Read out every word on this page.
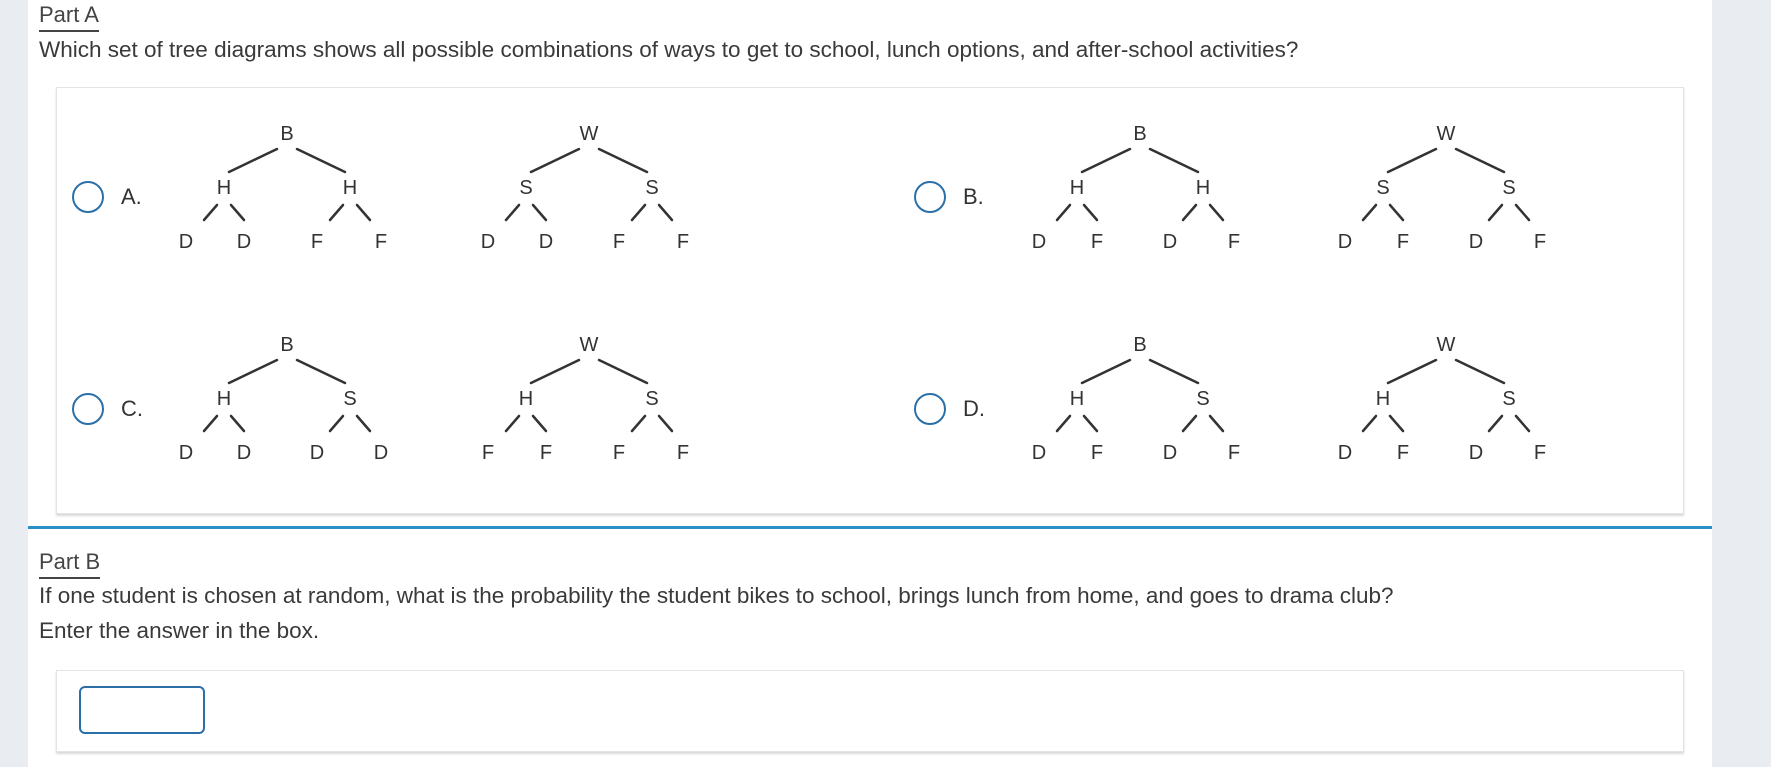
Part A
Which set of tree diagrams shows all possible combinations of ways to get to school, lunch options, and after-school activities?
A.
B
H	H
D D	F	F
W
S	S
D D	F	F
B.
B
H	H
D F	D	F
W
S	S
D F	D	F
C.
B
H	S
D D	D D
W
H	S
F F	F	F
D.
B
H	S
D F	D	F
W
H	S
D F	D	F
Part B
If one student is chosen at random, what is the probability the student bikes to school, brings lunch from home, and goes to drama club?
Enter the answer in the box.
